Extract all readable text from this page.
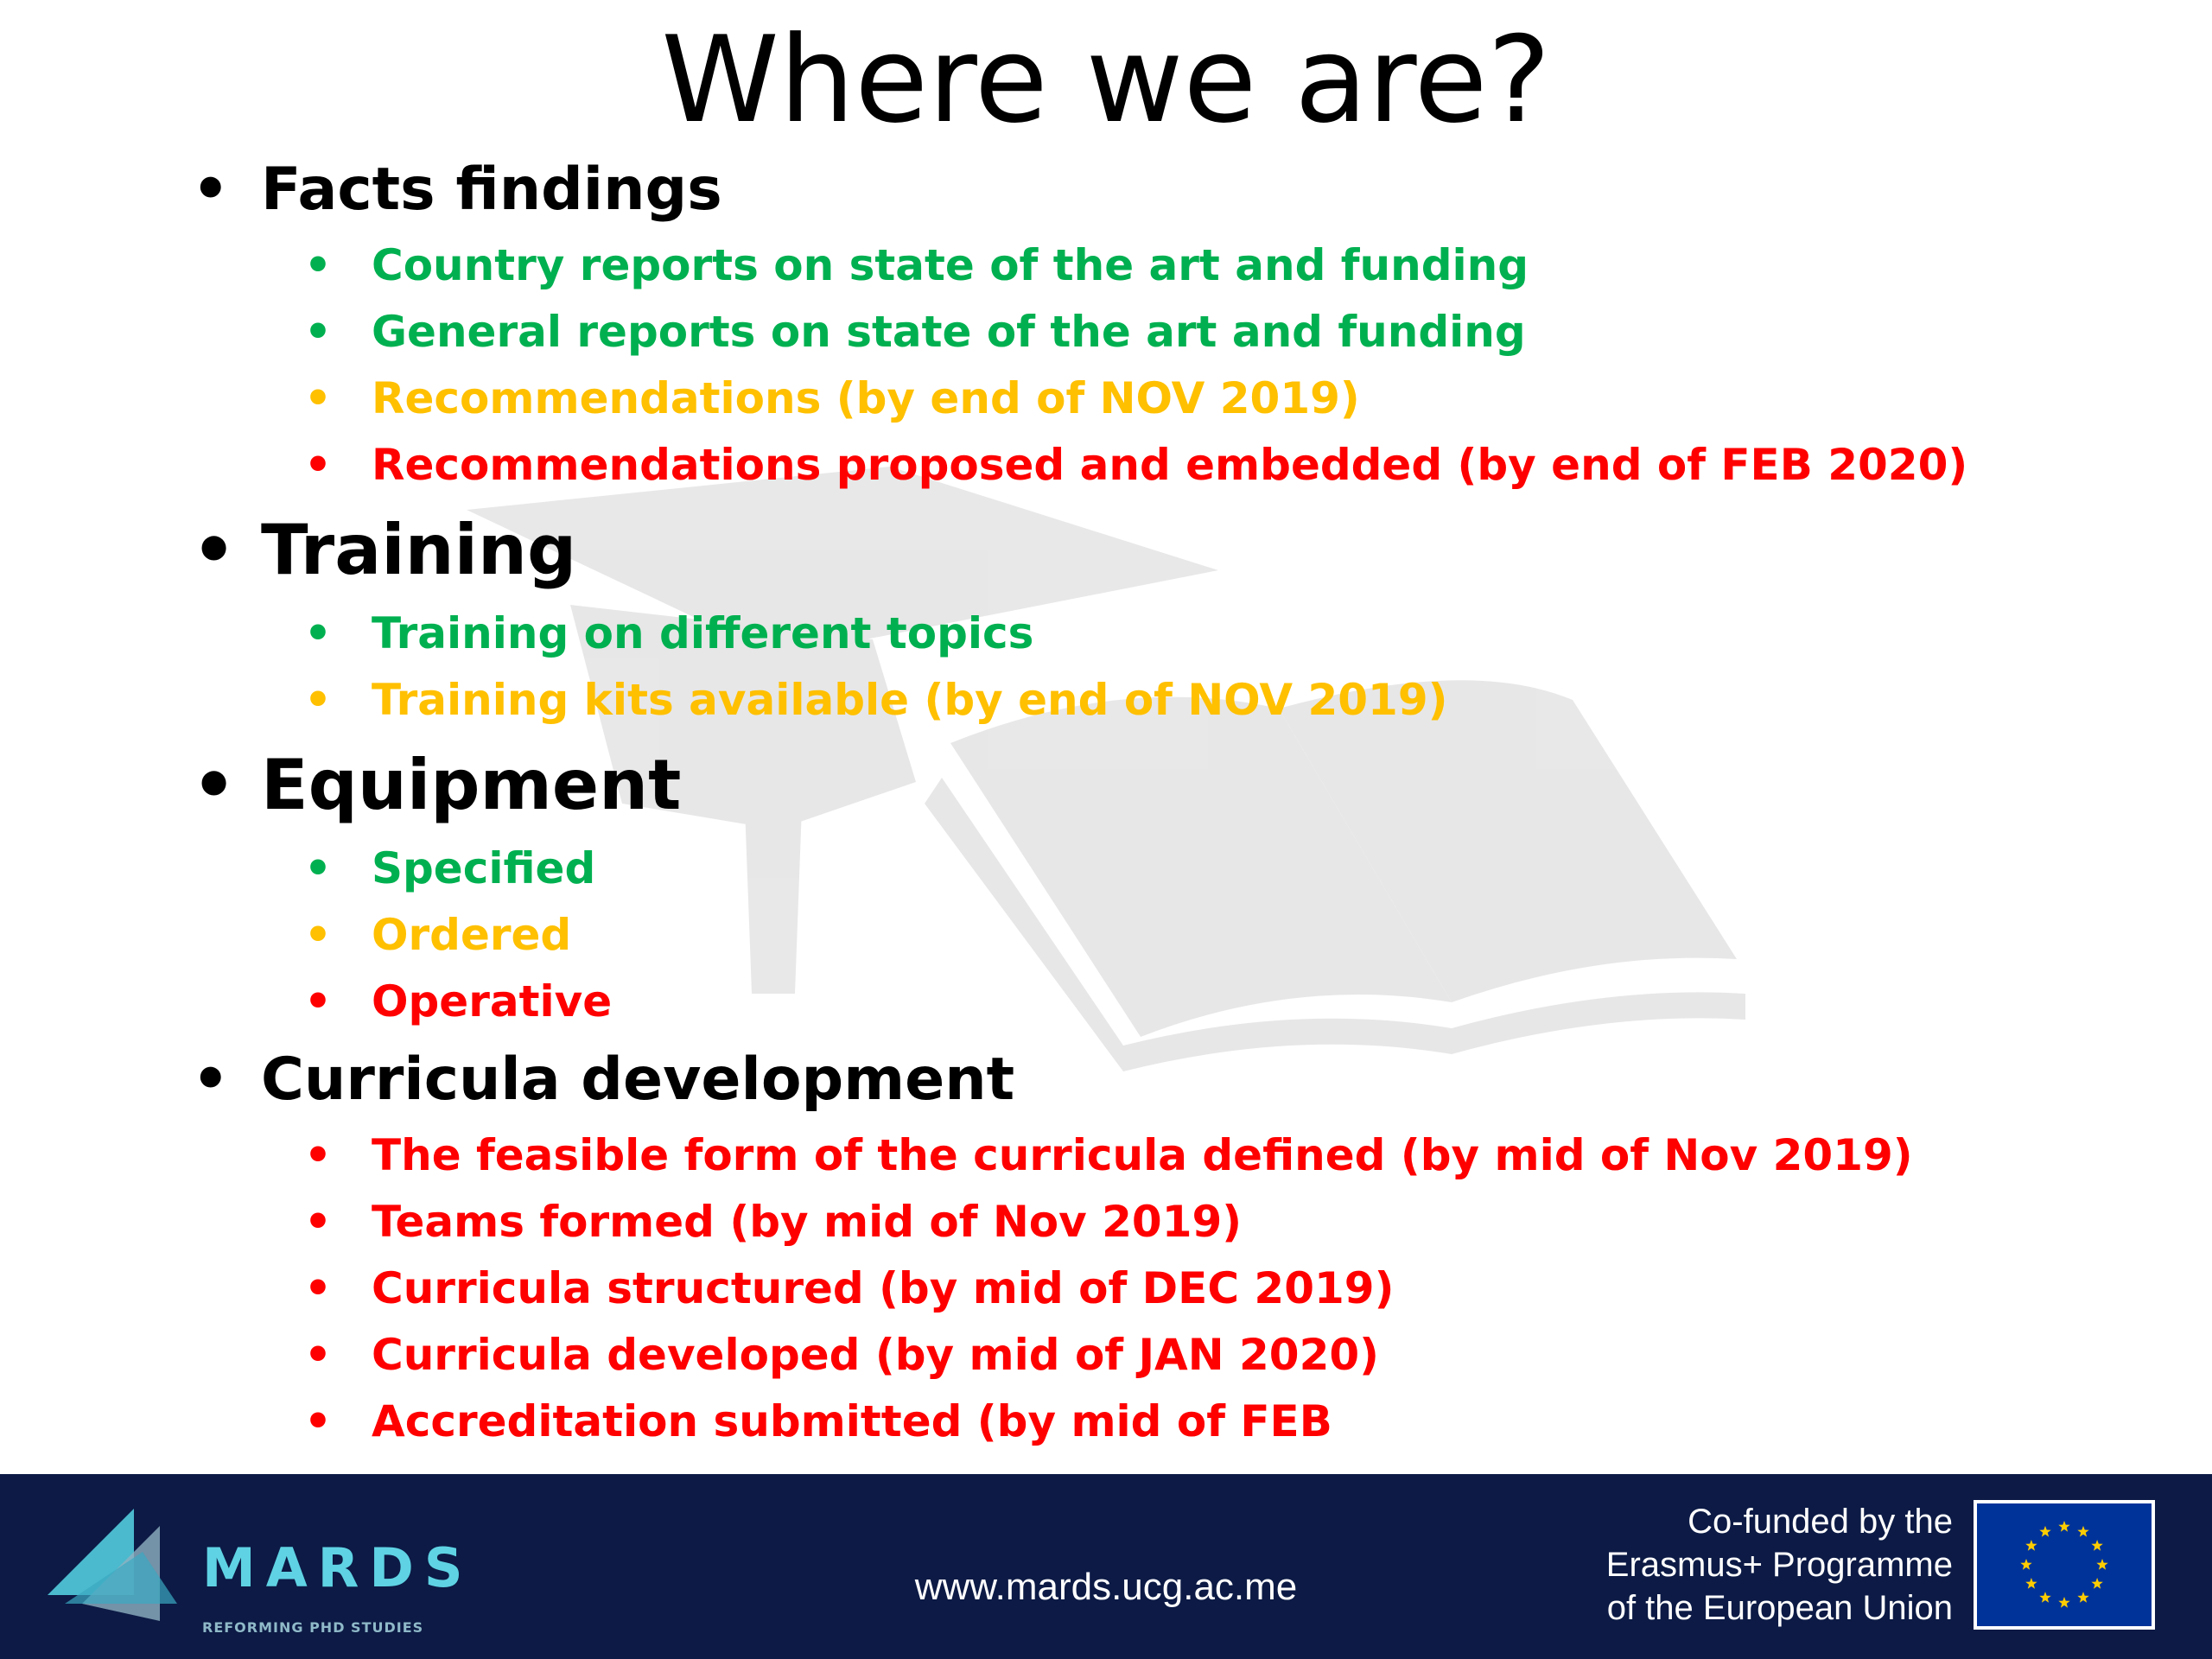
Where we are?
• Facts findings
• Country reports on state of the art and funding
• General reports on state of the art and funding
• Recommendations (by end of NOV 2019)
• Recommendations proposed and embedded (by end of FEB 2020)
• Training
• Training on different topics
• Training kits available (by end of NOV 2019)
• Equipment
• Specified
• Ordered
• Operative
• Curricula development
• The feasible form of the curricula defined (by mid of Nov 2019)
• Teams formed (by mid of Nov 2019)
• Curricula structured (by mid of DEC 2019)
• Curricula developed (by mid of JAN 2020)
• Accreditation submitted (by mid of FEB
MARDS
REFORMING PHD STUDIES
www.mards.ucg.ac.me
Co-funded by the
Erasmus+ Programme
of the European Union
